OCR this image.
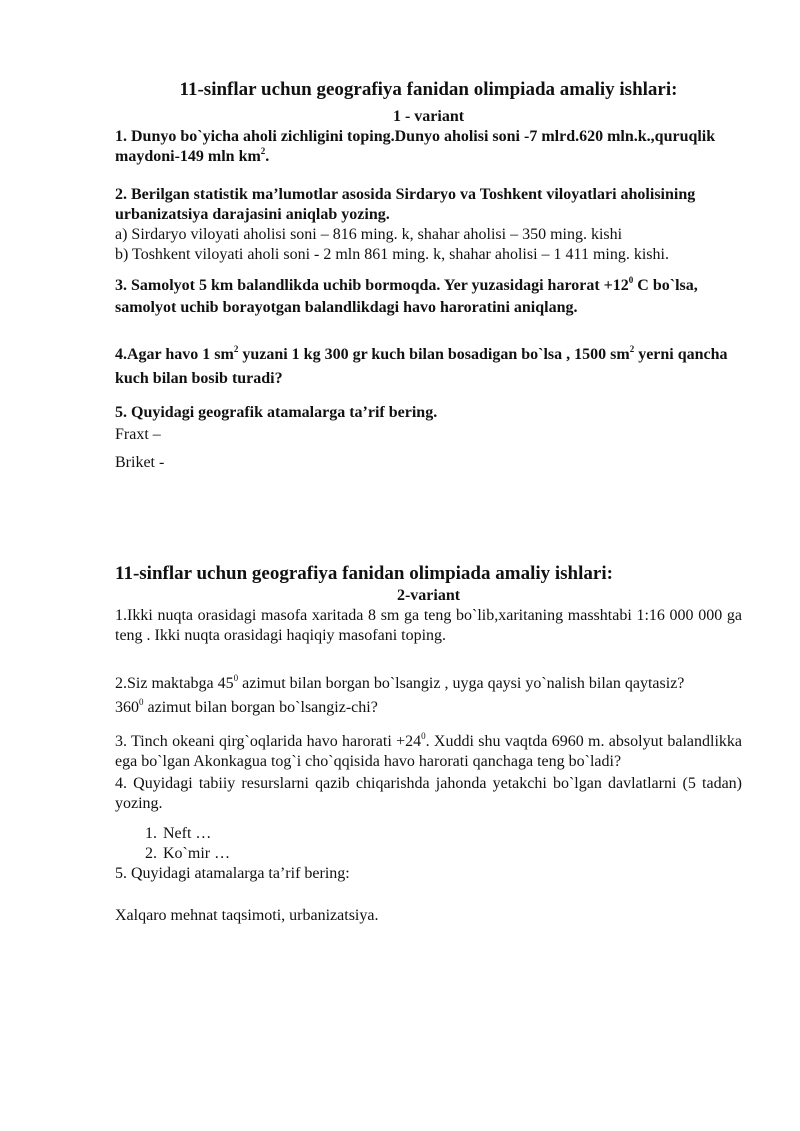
11-sinflar uchun geografiya fanidan olimpiada amaliy ishlari:

1 - variant

1. Dunyo bo`yicha aholi zichligini toping.Dunyo aholisi soni -7 mlrd.620 mln.k.,quruqlik maydoni-149 mln $km^2$.

2. Berilgan statistik ma’lumotlar asosida Sirdaryo va Toshkent viloyatlari aholisining urbanizatsiya darajasini aniqlab yozing.

a) Sirdaryo viloyati aholisi soni – 816 ming. k, shahar aholisi – 350 ming. kishi

b) Toshkent viloyati aholi soni - 2 mln 861 ming. k, shahar aholisi – 1 411 ming. kishi.

3. Samolyot 5 km balandlikda uchib bormoqda. Yer yuzasidagi harorat $+12^0$ C bo`lsa, samolyot uchib borayotgan balandlikdagi havo haroratini aniqlang.

4.Agar havo 1 $sm^2$ yuzani 1 kg 300 gr kuch bilan bosadigan bo`lsa , 1500 $sm^2$ yerni qancha kuch bilan bosib turadi?

5. Quyidagi geografik atamalarga ta’rif bering.

Fraxt –

Briket -

11-sinflar uchun geografiya fanidan olimpiada amaliy ishlari:

2-variant

1.Ikki nuqta orasidagi masofa xaritada 8 sm ga teng bo`lib,xaritaning masshtabi 1:16 000 000 ga teng . Ikki nuqta orasidagi haqiqiy masofani toping.

2.Siz maktabga $45^0$ azimut bilan borgan bo`lsangiz , uyga qaysi yo`nalish bilan qaytasiz?

$360^0$ azimut bilan borgan bo`lsangiz-chi?

3. Tinch okeani qirg`oqlarida havo harorati $+24^0$. Xuddi shu vaqtda 6960 m. absolyut balandlikka ega bo`lgan Akonkagua tog`i cho`qqisida havo harorati qanchaga teng bo`ladi?

4. Quyidagi tabiiy resurslarni qazib chiqarishda jahonda yetakchi bo`lgan davlatlarni (5 tadan) yozing.

1. Neft …
2. Ko`mir …

5. Quyidagi atamalarga ta’rif bering:

Xalqaro mehnat taqsimoti, urbanizatsiya.
